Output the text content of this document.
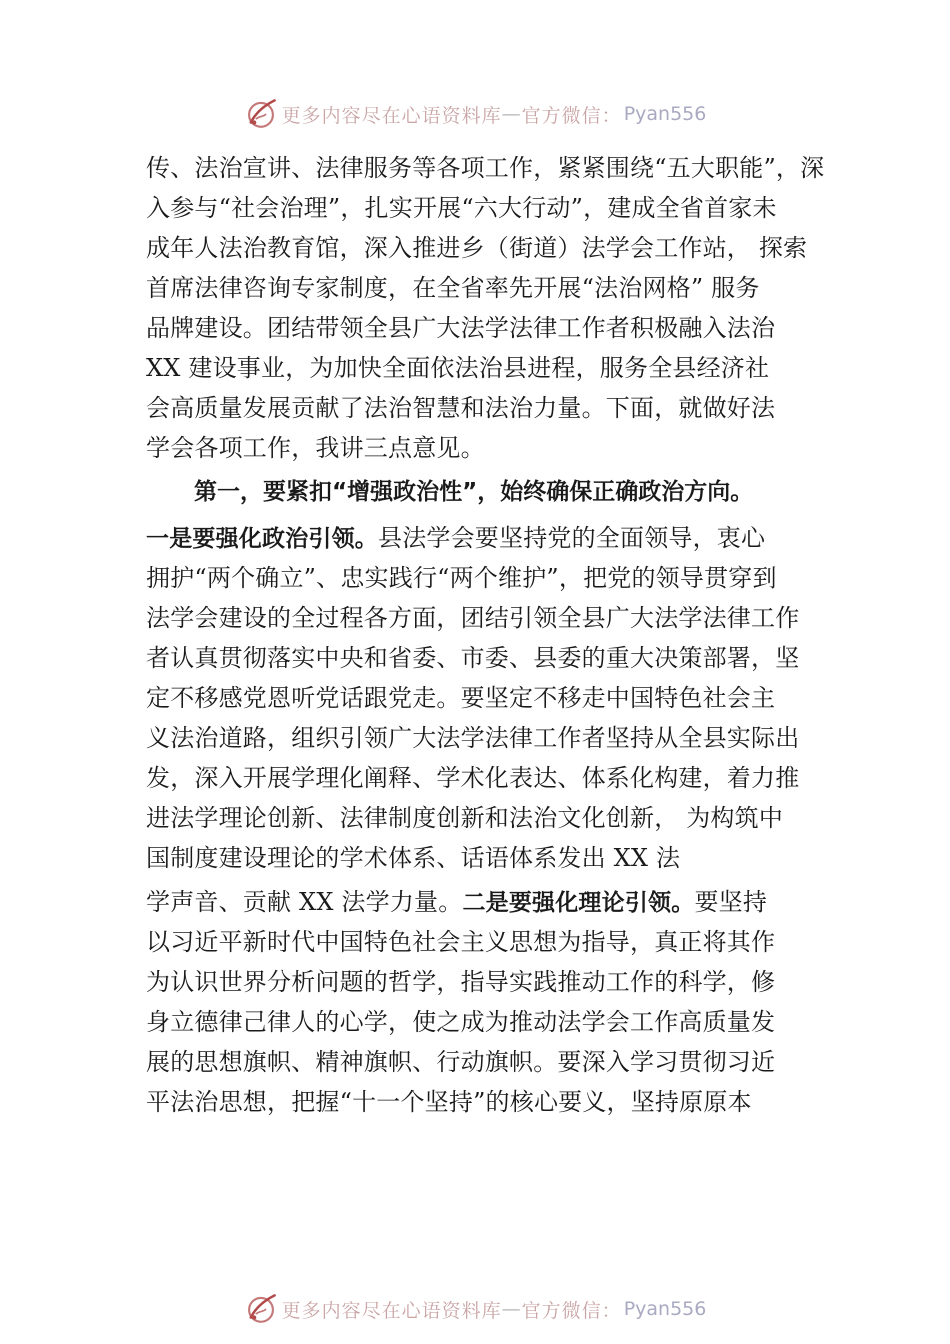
更多内容尽在心语资料库 — 官方微信： Pyan556
传、法治宣讲、法律服务等各项工作，紧紧围绕“五大职能”，深
入参与“社会治理”，扎实开展“六大行动”，建成全省首家未
成年人法治教育馆，深入推进乡（街道）法学会工作站， 探索
首席法律咨询专家制度，在全省率先开展“法治网格” 服务
品牌建设。团结带领全县广大法学法律工作者积极融入法治
XX 建设事业，为加快全面依法治县进程，服务全县经济社
会高质量发展贡献了法治智慧和法治力量。下面，就做好法
学会各项工作，我讲三点意见。
第一，要紧扣“增强政治性”，始终确保正确政治方向。
一是要强化政治引领。县法学会要坚持党的全面领导，衷心
拥护“两个确立”、忠实践行“两个维护”，把党的领导贯穿到
法学会建设的全过程各方面，团结引领全县广大法学法律工作
者认真贯彻落实中央和省委、市委、县委的重大决策部署，坚
定不移感党恩听党话跟党走。要坚定不移走中国特色社会主
义法治道路，组织引领广大法学法律工作者坚持从全县实际出
发，深入开展学理化阐释、学术化表达、体系化构建，着力推
进法学理论创新、法律制度创新和法治文化创新， 为构筑中
国制度建设理论的学术体系、话语体系发出 XX 法
学声音、贡献 XX 法学力量。二是要强化理论引领。要坚持
以习近平新时代中国特色社会主义思想为指导，真正将其作
为认识世界分析问题的哲学，指导实践推动工作的科学，修
身立德律己律人的心学，使之成为推动法学会工作高质量发
展的思想旗帜、精神旗帜、行动旗帜。要深入学习贯彻习近
平法治思想，把握“十一个坚持”的核心要义，坚持原原本
更多内容尽在心语资料库 — 官方微信： Pyan556
